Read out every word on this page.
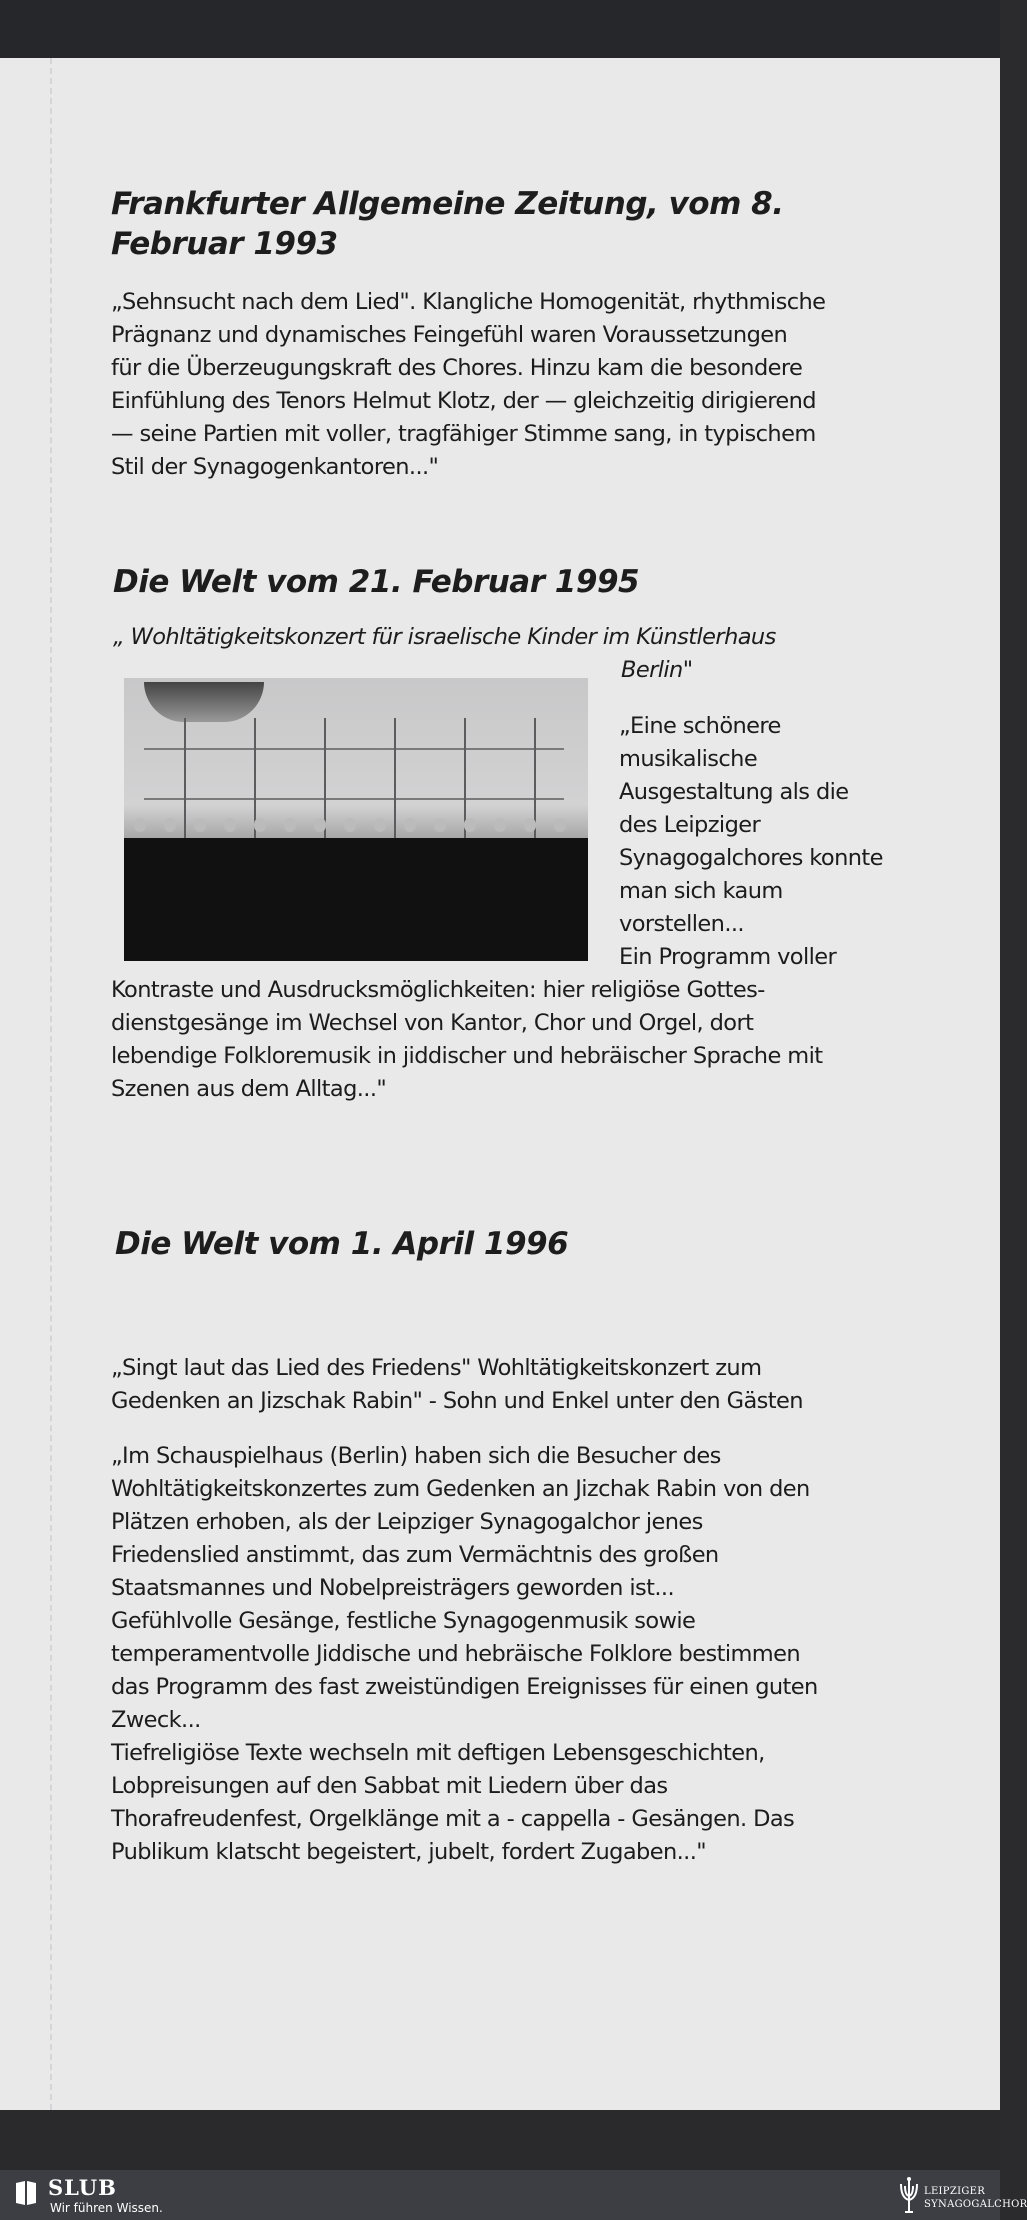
Frankfurter Allgemeine Zeitung, vom 8.
Februar 1993

„Sehnsucht nach dem Lied". Klangliche Homogenität, rhythmische
Prägnanz und dynamisches Feingefühl waren Voraussetzungen
für die Überzeugungskraft des Chores. Hinzu kam die besondere
Einfühlung des Tenors Helmut Klotz, der — gleichzeitig dirigierend
— seine Partien mit voller, tragfähiger Stimme sang, in typischem
Stil der Synagogenkantoren..."

Die Welt vom 21. Februar 1995

„ Wohltätigkeitskonzert für israelische Kinder im Künstlerhaus

Berlin"

„Eine schönere
musikalische
Ausgestaltung als die
des Leipziger
Synagogalchores konnte
man sich kaum
vorstellen...
Ein Programm voller

Kontraste und Ausdrucksmöglichkeiten: hier religiöse Gottes-
dienstgesänge im Wechsel von Kantor, Chor und Orgel, dort
lebendige Folkloremusik in jiddischer und hebräischer Sprache mit
Szenen aus dem Alltag..."

Die Welt vom 1. April 1996

„Singt laut das Lied des Friedens" Wohltätigkeitskonzert zum
Gedenken an Jizschak Rabin" - Sohn und Enkel unter den Gästen

„Im Schauspielhaus (Berlin) haben sich die Besucher des
Wohltätigkeitskonzertes zum Gedenken an Jizchak Rabin von den
Plätzen erhoben, als der Leipziger Synagogalchor jenes
Friedenslied anstimmt, das zum Vermächtnis des großen
Staatsmannes und Nobelpreisträgers geworden ist...
Gefühlvolle Gesänge, festliche Synagogenmusik sowie
temperamentvolle Jiddische und hebräische Folklore bestimmen
das Programm des fast zweistündigen Ereignisses für einen guten
Zweck...
Tiefreligiöse Texte wechseln mit deftigen Lebensgeschichten,
Lobpreisungen auf den Sabbat mit Liedern über das
Thorafreudenfest, Orgelklänge mit a - cappella - Gesängen. Das
Publikum klatscht begeistert, jubelt, fordert Zugaben..."

SLUB
Wir führen Wissen.
LEIPZIGER
SYNAGOGALCHOR
